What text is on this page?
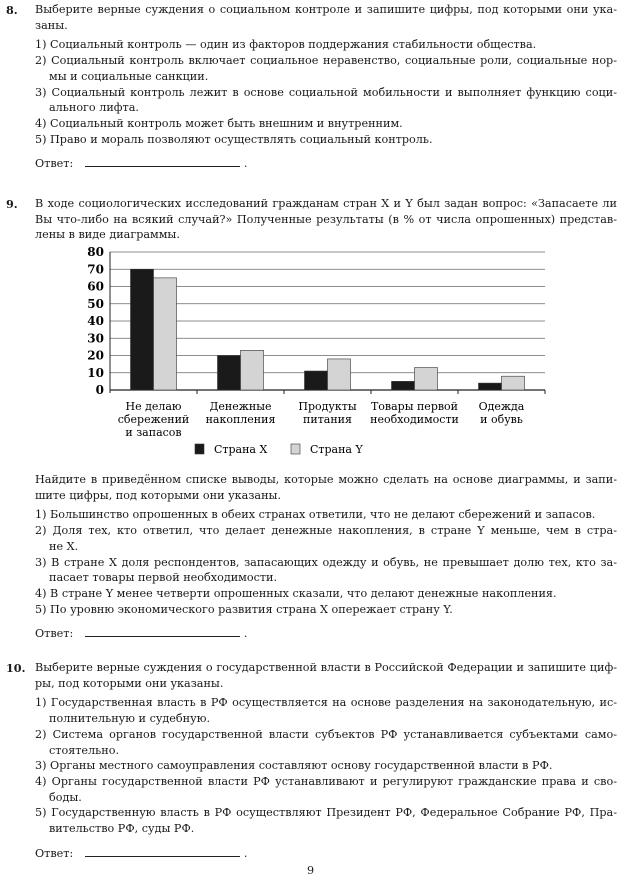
8. Выберите верные суждения о социальном контроле и запишите цифры, под которыми они ука-
заны.
1) Социальный контроль — один из факторов поддержания стабильности общества.
2) Социальный контроль включает социальное неравенство, социальные роли, социальные нор-
мы и социальные санкции.
3) Социальный контроль лежит в основе социальной мобильности и выполняет функцию соци-
ального лифта.
4) Социальный контроль может быть внешним и внутренним.
5) Право и мораль позволяют осуществлять социальный контроль.
Ответ:	.
9. В ходе социологических исследований гражданам стран X и Y был задан вопрос: «Запасаете ли
Вы что-либо на всякий случай?» Полученные результаты (в % от числа опрошенных) представ-
лены в виде диаграммы.
Найдите в приведённом списке выводы, которые можно сделать на основе диаграммы, и запи-
шите цифры, под которыми они указаны.
1) Большинство опрошенных в обеих странах ответили, что не делают сбережений и запасов.
2) Доля тех, кто ответил, что делает денежные накопления, в стране Y меньше, чем в стра-
не X.
3) В стране X доля респондентов, запасающих одежду и обувь, не превышает долю тех, кто за-
пасает товары первой необходимости.
4) В стране Y менее четверти опрошенных сказали, что делают денежные накопления.
5) По уровню экономического развития страна X опережает страну Y.
Ответ:	.
0
10
20
30
40
50
60
70
80
Не делаю
сбережений
и запасов
Денежные
накопления
Продукты
питания
Товары первой
необходимости
Одежда
и обувь
Страна X	Страна Y
10. Выберите верные суждения о государственной власти в Российской Федерации и запишите циф-
ры, под которыми они указаны.
1) Государственная власть в РФ осуществляется на основе разделения на законодательную, ис-
полнительную и судебную.
2) Система органов государственной власти субъектов РФ устанавливается субъектами само-
стоятельно.
3) Органы местного самоуправления составляют основу государственной власти в РФ.
4) Органы государственной власти РФ устанавливают и регулируют гражданские права и сво-
боды.
5) Государственную власть в РФ осуществляют Президент РФ, Федеральное Собрание РФ, Пра-
вительство РФ, суды РФ.
Ответ:	.
9
